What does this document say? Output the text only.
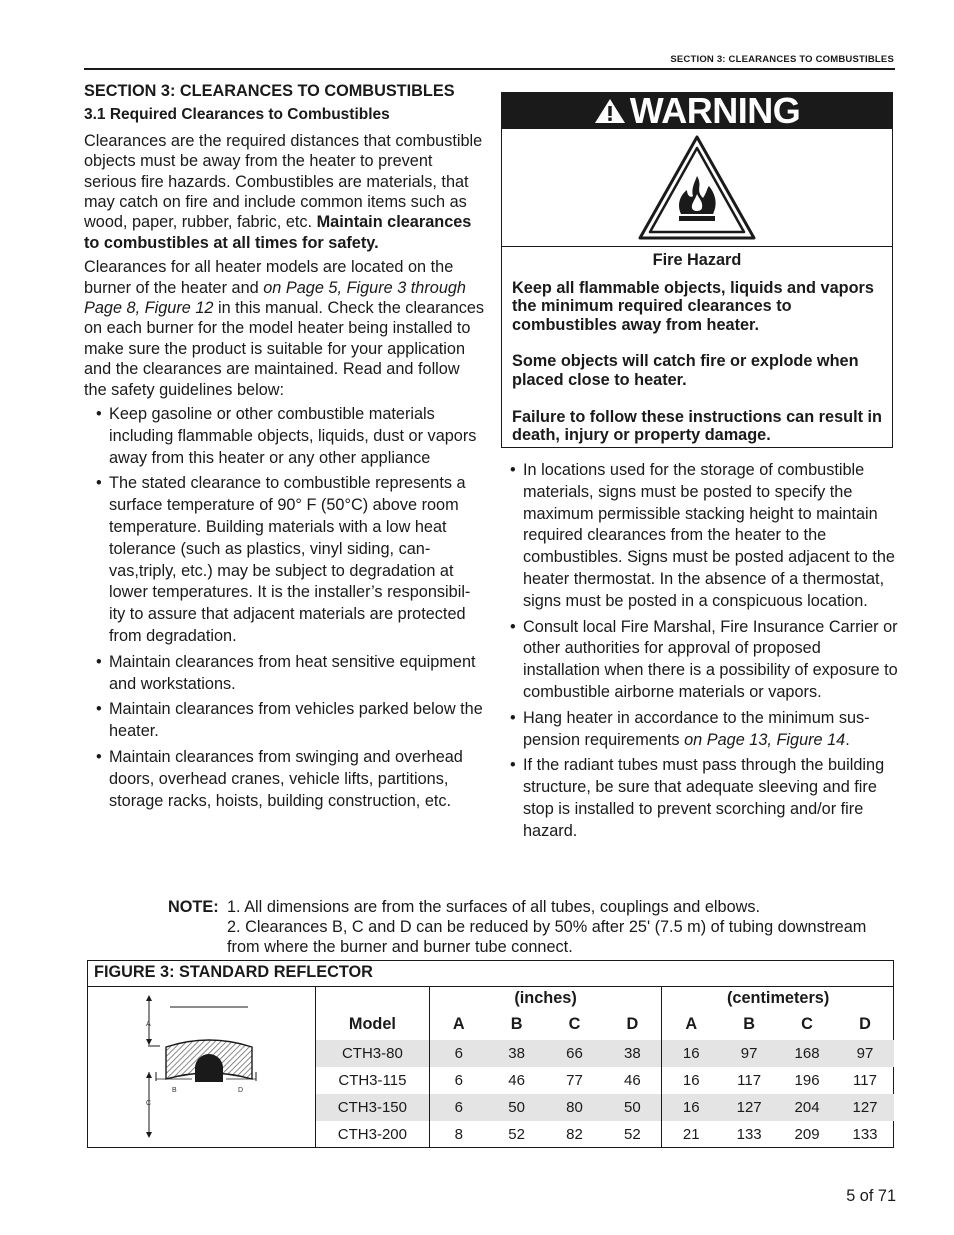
SECTION 3: CLEARANCES TO COMBUSTIBLES
SECTION 3: CLEARANCES TO COMBUSTIBLES
3.1 Required Clearances to Combustibles

Clearances are the required distances that combustible objects must be away from the heater to prevent serious fire hazards. Combustibles are materials, that may catch on fire and include common items such as wood, paper, rubber, fabric, etc. Maintain clearances to combustibles at all times for safety.

Clearances for all heater models are located on the burner of the heater and on Page 5, Figure 3 through Page 8, Figure 12 in this manual. Check the clearances on each burner for the model heater being installed to make sure the product is suitable for your application and the clearances are maintained. Read and follow the safety guidelines below:

• Keep gasoline or other combustible materials including flammable objects, liquids, dust or vapors away from this heater or any other appliance
• The stated clearance to combustible represents a surface temperature of 90° F (50°C) above room temperature. Building materials with a low heat tolerance (such as plastics, vinyl siding, can-vas,triply, etc.) may be subject to degradation at lower temperatures. It is the installer’s responsibil-ity to assure that adjacent materials are protected from degradation.
• Maintain clearances from heat sensitive equipment and workstations.
• Maintain clearances from vehicles parked below the heater.
• Maintain clearances from swinging and overhead doors, overhead cranes, vehicle lifts, partitions, storage racks, hoists, building construction, etc.
WARNING
Fire Hazard

Keep all flammable objects, liquids and vapors the minimum required clearances to combustibles away from heater.

Some objects will catch fire or explode when placed close to heater.

Failure to follow these instructions can result in death, injury or property damage.

• In locations used for the storage of combustible materials, signs must be posted to specify the maximum permissible stacking height to maintain required clearances from the heater to the combustibles. Signs must be posted adjacent to the heater thermostat. In the absence of a thermostat, signs must be posted in a conspicuous location.
• Consult local Fire Marshal, Fire Insurance Carrier or other authorities for approval of proposed installation when there is a possibility of exposure to combustible airborne materials or vapors.
• Hang heater in accordance to the minimum sus-pension requirements on Page 13, Figure 14.
• If the radiant tubes must pass through the building structure, be sure that adequate sleeving and fire stop is installed to prevent scorching and/or fire hazard.
NOTE: 1. All dimensions are from the surfaces of all tubes, couplings and elbows.
2. Clearances B, C and D can be reduced by 50% after 25' (7.5 m) of tubing downstream from where the burner and burner tube connect.
FIGURE 3: STANDARD REFLECTOR
A
B	D
C
	(inches)				(centimeters)			
Model	A	B	C	D	A	B	C	D
CTH3-80	6	38	66	38	16	97	168	97
CTH3-115	6	46	77	46	16	117	196	117
CTH3-150	6	50	80	50	16	127	204	127
CTH3-200	8	52	82	52	21	133	209	133
5 of 71
